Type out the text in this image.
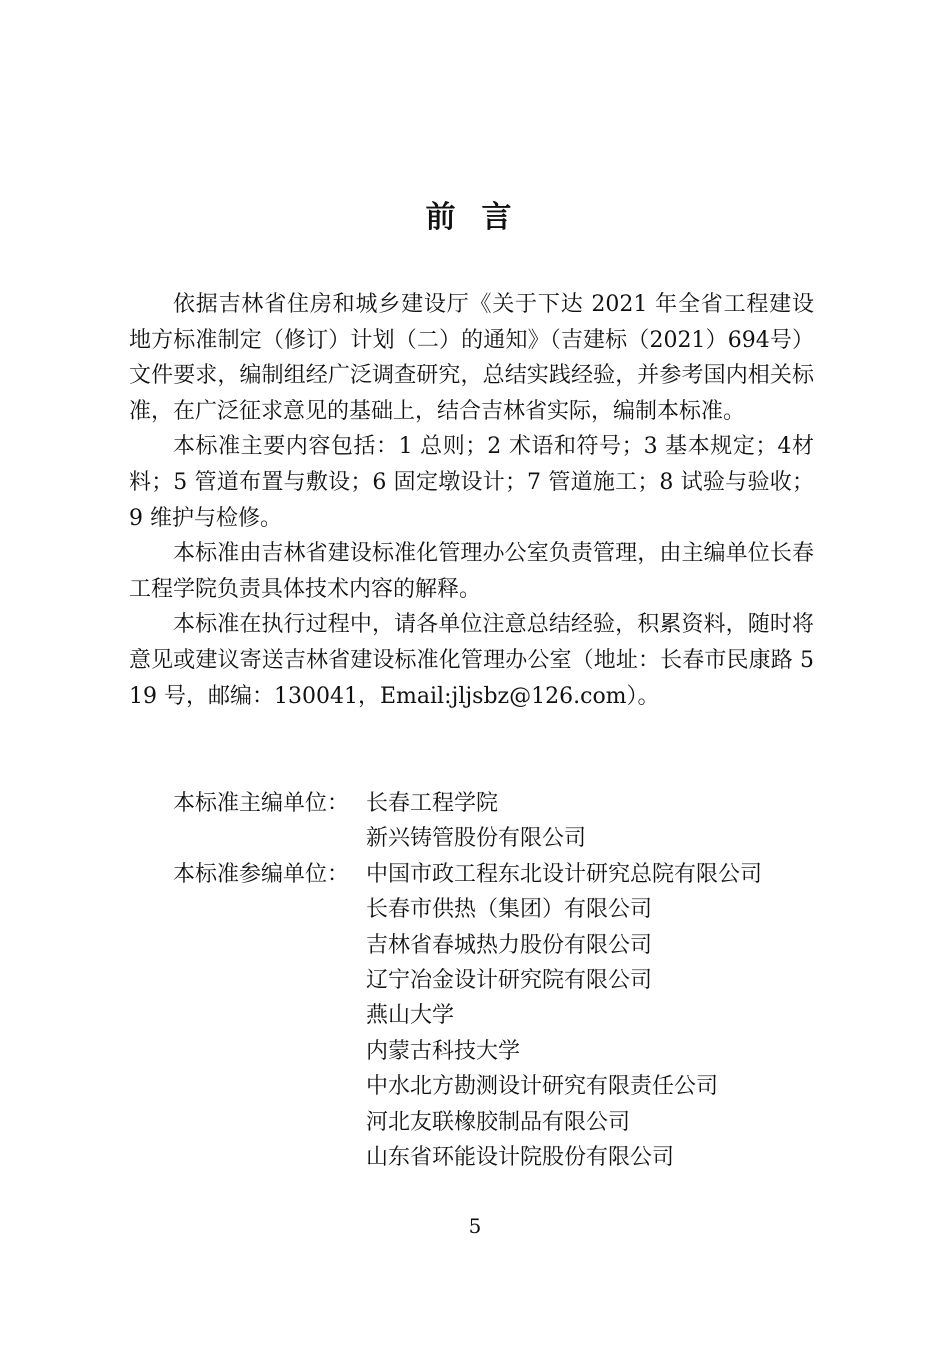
前言

依据吉林省住房和城乡建设厅《关于下达 2021 年全省工程建设地方标准制定（修订）计划（二）的通知》（吉建标（2021）694号）文件要求，编制组经广泛调查研究，总结实践经验，并参考国内相关标准，在广泛征求意见的基础上，结合吉林省实际，编制本标准。

本标准主要内容包括：1 总则；2 术语和符号；3 基本规定；4材料；5 管道布置与敷设；6 固定墩设计；7 管道施工；8 试验与验收；9 维护与检修。

本标准由吉林省建设标准化管理办公室负责管理，由主编单位长春工程学院负责具体技术内容的解释。

本标准在执行过程中，请各单位注意总结经验，积累资料，随时将意见或建议寄送吉林省建设标准化管理办公室（地址：长春市民康路 519 号，邮编：130041，Email:jljsbz@126.com）。

本标准主编单位： 长春工程学院
新兴铸管股份有限公司
本标准参编单位： 中国市政工程东北设计研究总院有限公司
长春市供热（集团）有限公司
吉林省春城热力股份有限公司
辽宁冶金设计研究院有限公司
燕山大学
内蒙古科技大学
中水北方勘测设计研究有限责任公司
河北友联橡胶制品有限公司
山东省环能设计院股份有限公司
5
